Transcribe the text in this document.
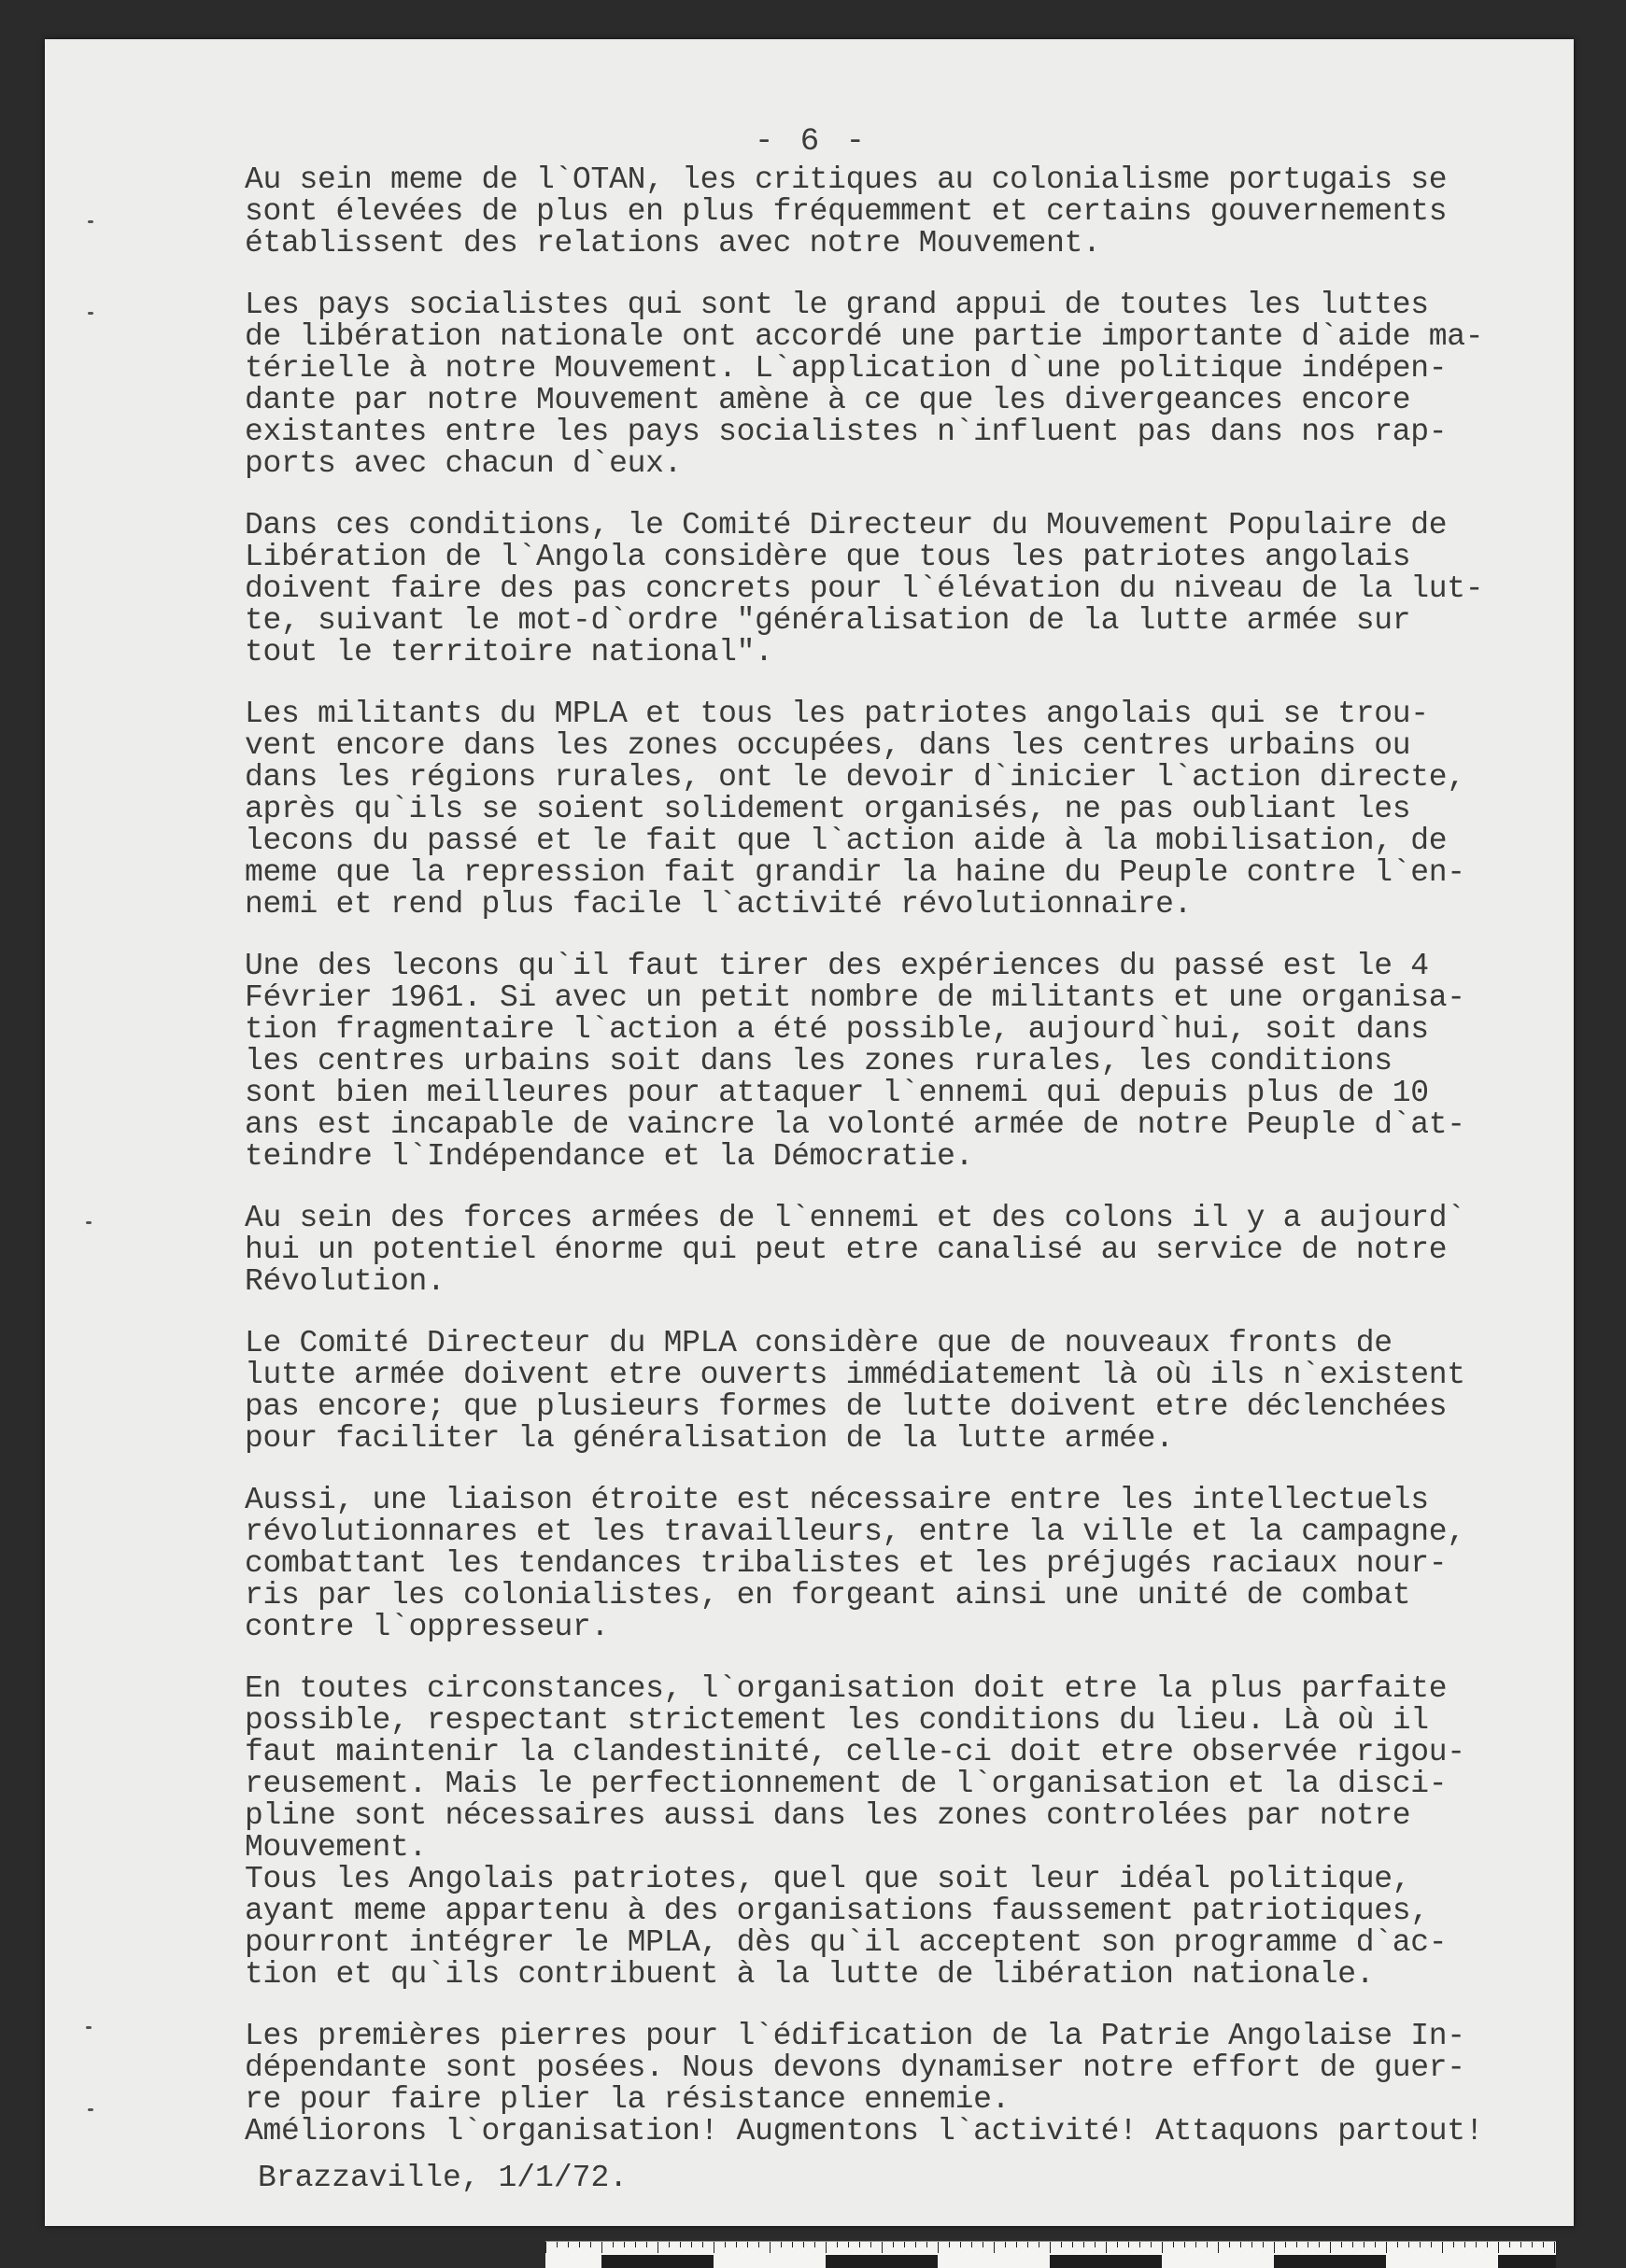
- 6 -
Au sein meme de l`OTAN, les critiques au colonialisme portugais se
sont élevées de plus en plus fréquemment et certains gouvernements
établissent des relations avec notre Mouvement.
Les pays socialistes qui sont le grand appui de toutes les luttes
de libération nationale ont accordé une partie importante d`aide ma-
térielle à notre Mouvement. L`application d`une politique indépen-
dante par notre Mouvement amène à ce que les divergeances encore
existantes entre les pays socialistes n`influent pas dans nos rap-
ports avec chacun d`eux.
Dans ces conditions, le Comité Directeur du Mouvement Populaire de
Libération de l`Angola considère que tous les patriotes angolais
doivent faire des pas concrets pour l`élévation du niveau de la lut-
te, suivant le mot-d`ordre "généralisation de la lutte armée sur
tout le territoire national".
Les militants du MPLA et tous les patriotes angolais qui se trou-
vent encore dans les zones occupées, dans les centres urbains ou
dans les régions rurales, ont le devoir d`inicier l`action directe,
après qu`ils se soient solidement organisés, ne pas oubliant les
lecons du passé et le fait que l`action aide à la mobilisation, de
meme que la repression fait grandir la haine du Peuple contre l`en-
nemi et rend plus facile l`activité révolutionnaire.
Une des lecons qu`il faut tirer des expériences du passé est le 4
Février 1961. Si avec un petit nombre de militants et une organisa-
tion fragmentaire l`action a été possible, aujourd`hui, soit dans
les centres urbains soit dans les zones rurales, les conditions
sont bien meilleures pour attaquer l`ennemi qui depuis plus de 10
ans est incapable de vaincre la volonté armée de notre Peuple d`at-
teindre l`Indépendance et la Démocratie.
Au sein des forces armées de l`ennemi et des colons il y a aujourd`
hui un potentiel énorme qui peut etre canalisé au service de notre
Révolution.
Le Comité Directeur du MPLA considère que de nouveaux fronts de
lutte armée doivent etre ouverts immédiatement là où ils n`existent
pas encore; que plusieurs formes de lutte doivent etre déclenchées
pour faciliter la généralisation de la lutte armée.
Aussi, une liaison étroite est nécessaire entre les intellectuels
révolutionnares et les travailleurs, entre la ville et la campagne,
combattant les tendances tribalistes et les préjugés raciaux nour-
ris par les colonialistes, en forgeant ainsi une unité de combat
contre l`oppresseur.
En toutes circonstances, l`organisation doit etre la plus parfaite
possible, respectant strictement les conditions du lieu. Là où il
faut maintenir la clandestinité, celle-ci doit etre observée rigou-
reusement. Mais le perfectionnement de l`organisation et la disci-
pline sont nécessaires aussi dans les zones controlées par notre
Mouvement.
Tous les Angolais patriotes, quel que soit leur idéal politique,
ayant meme appartenu à des organisations faussement patriotiques,
pourront intégrer le MPLA, dès qu`il acceptent son programme d`ac-
tion et qu`ils contribuent à la lutte de libération nationale.
Les premières pierres pour l`édification de la Patrie Angolaise In-
dépendante sont posées. Nous devons dynamiser notre effort de guer-
re pour faire plier la résistance ennemie.
Améliorons l`organisation! Augmentons l`activité! Attaquons partout!
Brazzaville, 1/1/72.
